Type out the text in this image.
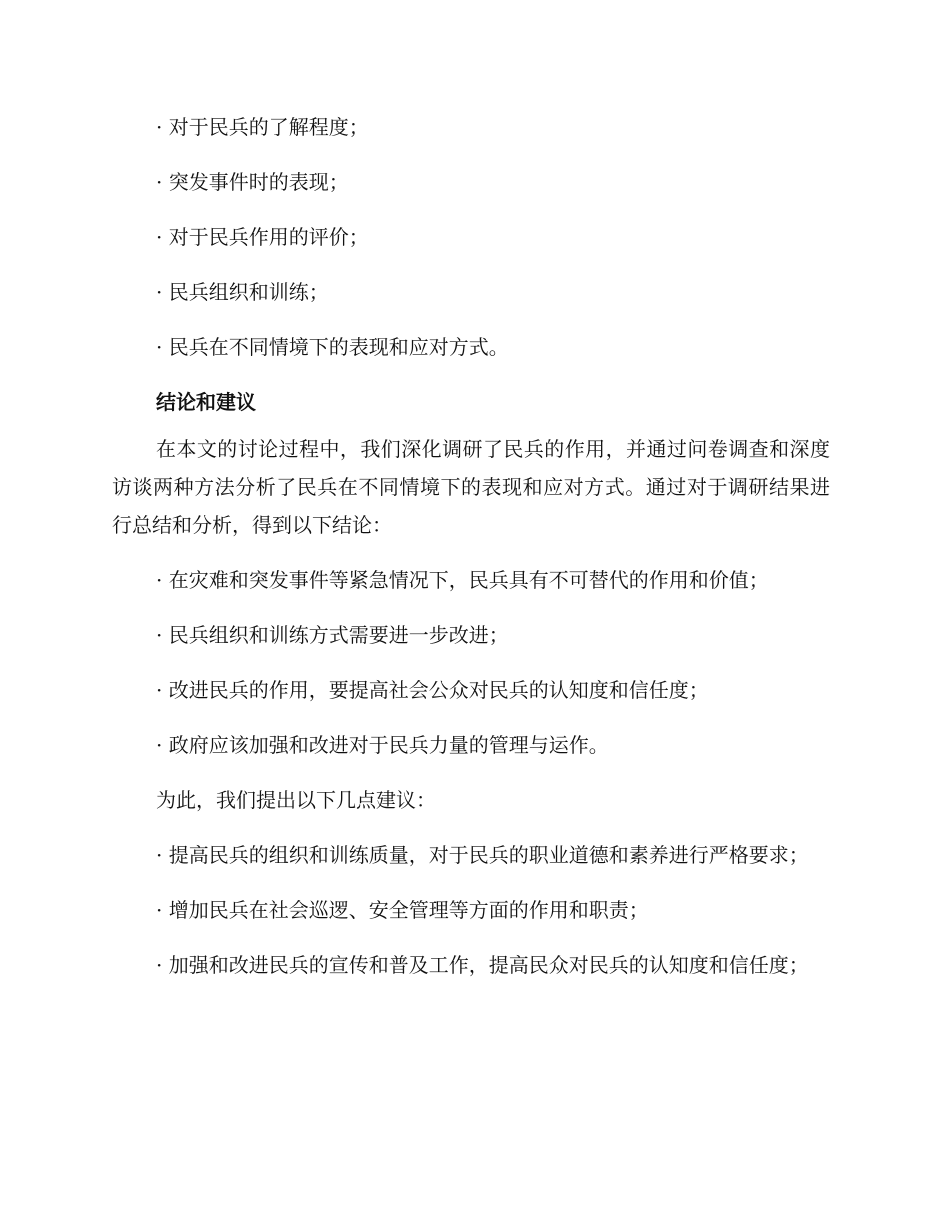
· 对于民兵的了解程度；

· 突发事件时的表现；

· 对于民兵作用的评价；

· 民兵组织和训练；

· 民兵在不同情境下的表现和应对方式。

结论和建议

在本文的讨论过程中，我们深化调研了民兵的作用，并通过问卷调查和深度访谈两种方法分析了民兵在不同情境下的表现和应对方式。通过对于调研结果进行总结和分析，得到以下结论：

· 在灾难和突发事件等紧急情况下，民兵具有不可替代的作用和价值；

· 民兵组织和训练方式需要进一步改进；

· 改进民兵的作用，要提高社会公众对民兵的认知度和信任度；

· 政府应该加强和改进对于民兵力量的管理与运作。

为此，我们提出以下几点建议：

· 提高民兵的组织和训练质量，对于民兵的职业道德和素养进行严格要求；

· 增加民兵在社会巡逻、安全管理等方面的作用和职责；

· 加强和改进民兵的宣传和普及工作，提高民众对民兵的认知度和信任度；
